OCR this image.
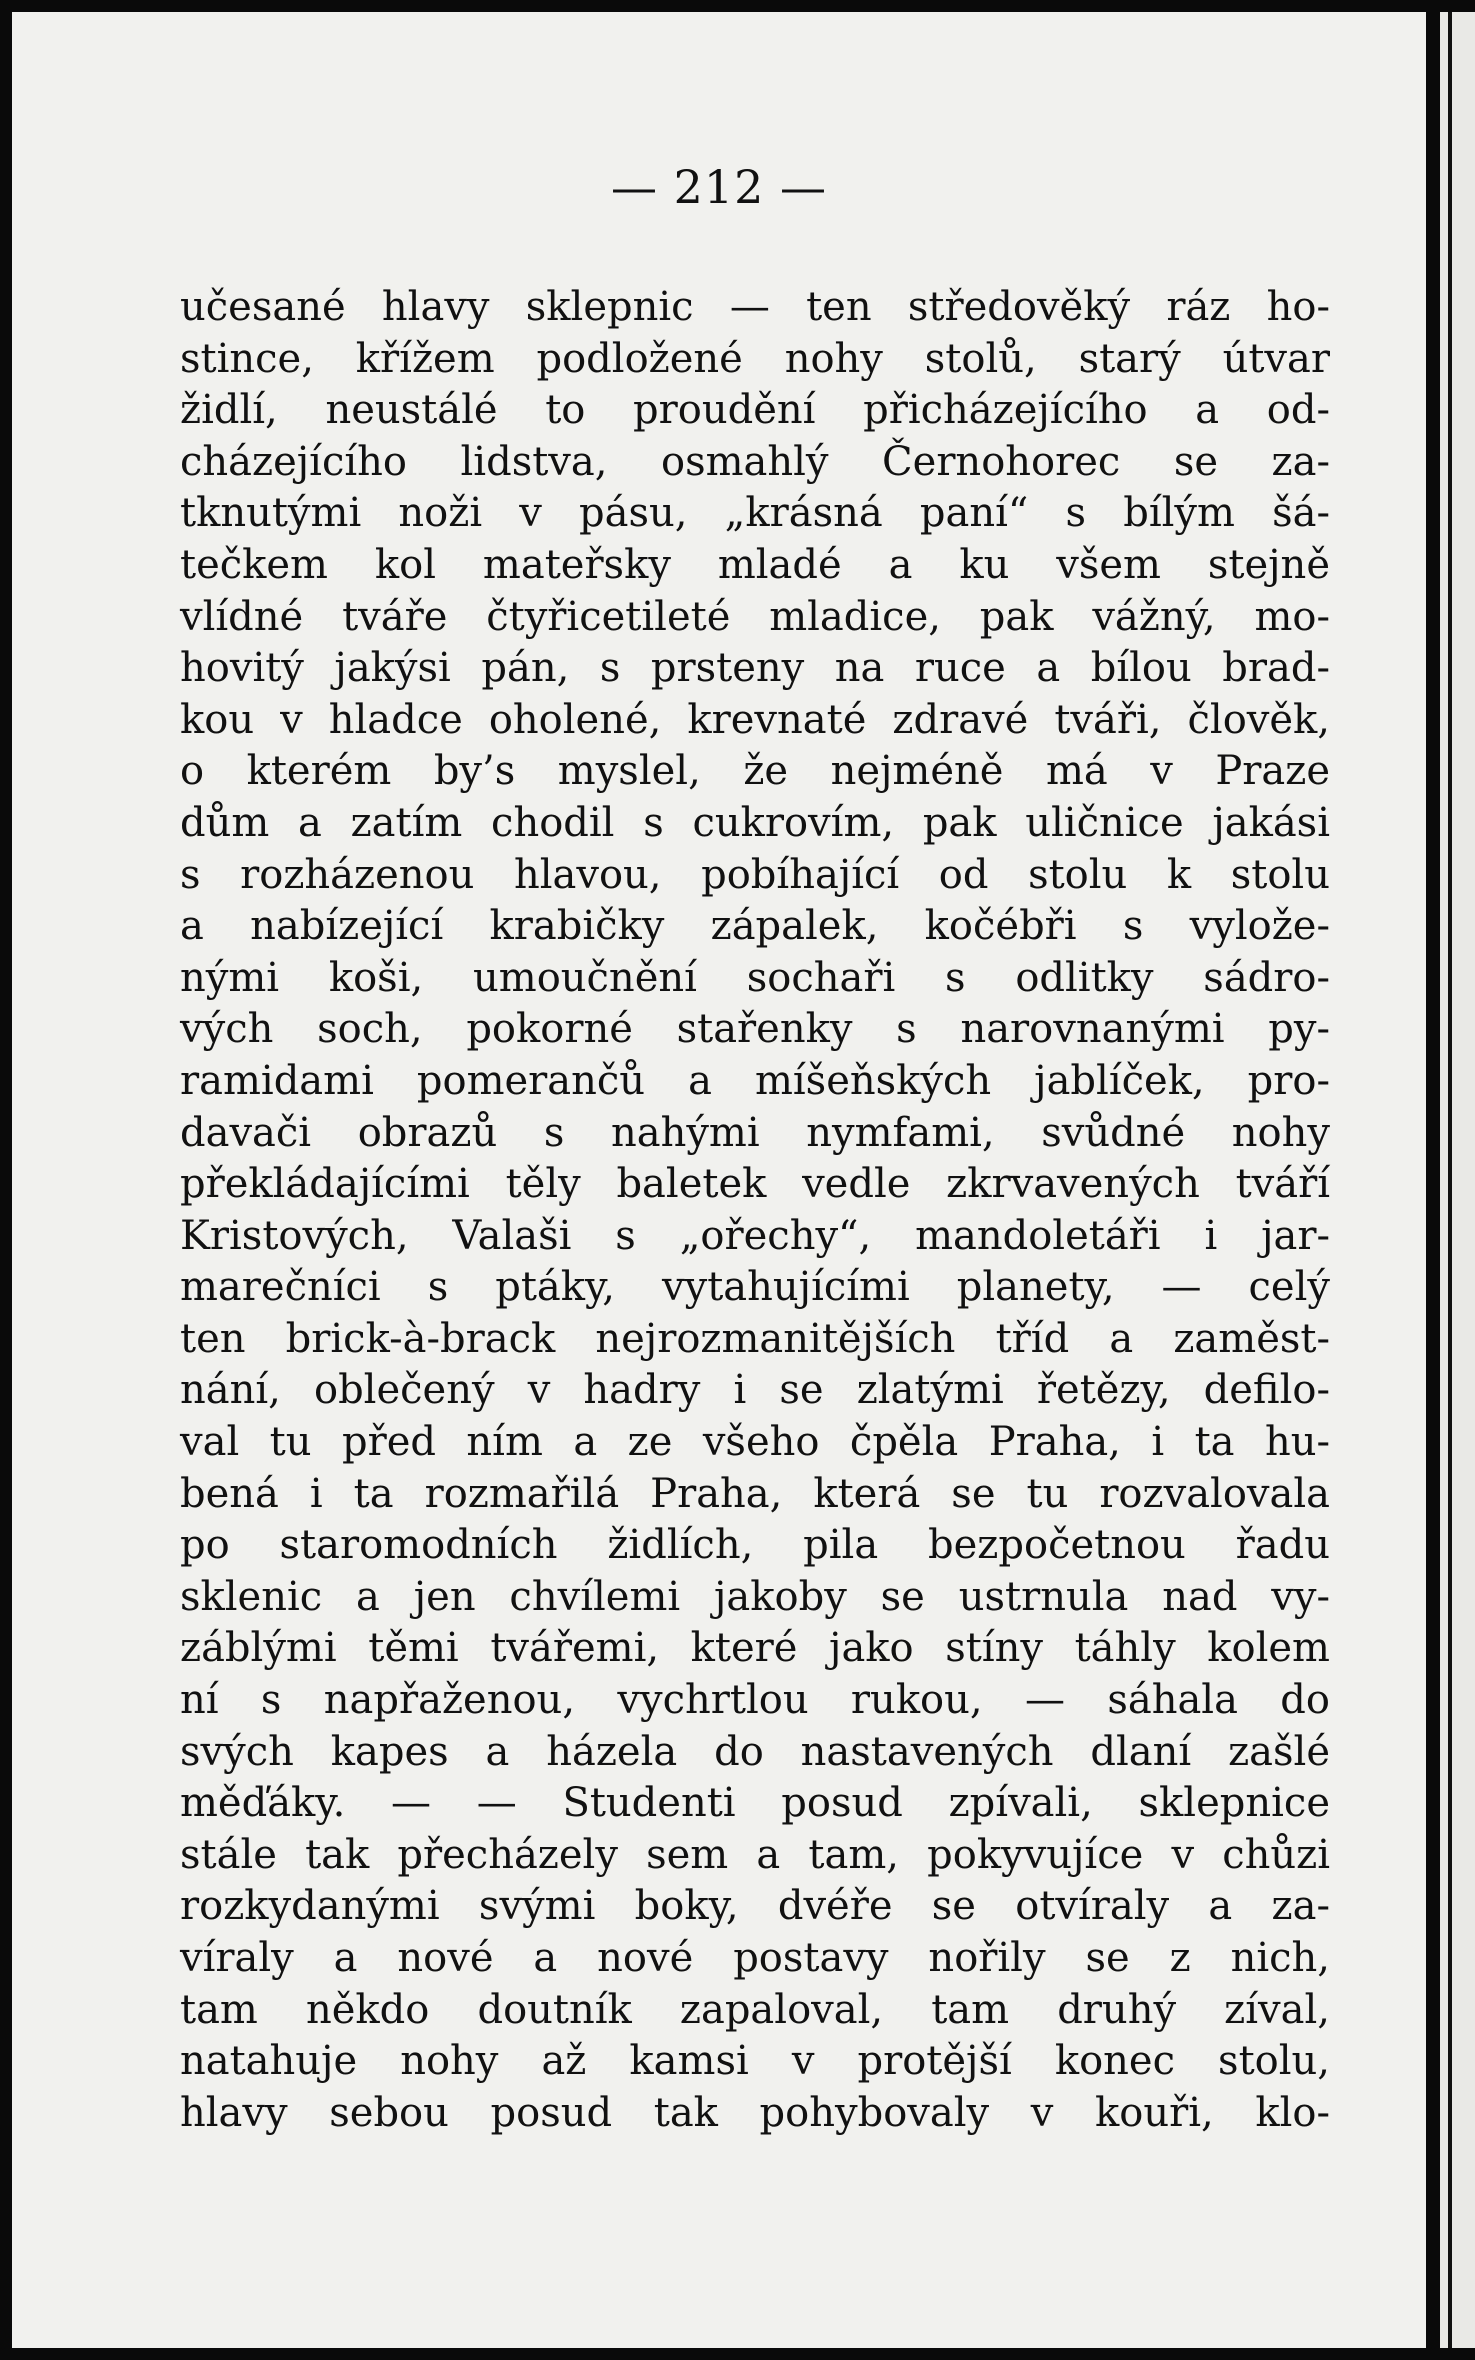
— 212 —
učesané hlavy sklepnic — ten středověký ráz ho-
stince, křížem podložené nohy stolů, starý útvar
židlí, neustálé to proudění přicházejícího a od-
cházejícího lidstva, osmahlý Černohorec se za-
tknutými noži v pásu, „krásná paní“ s bílým šá-
tečkem kol mateřsky mladé a ku všem stejně
vlídné tváře čtyřicetileté mladice, pak vážný, mo-
hovitý jakýsi pán, s prsteny na ruce a bílou brad-
kou v hladce oholené, krevnaté zdravé tváři, člověk,
o kterém by’s myslel, že nejméně má v Praze
dům a zatím chodil s cukrovím, pak uličnice jakási
s rozházenou hlavou, pobíhající od stolu k stolu
a nabízející krabičky zápalek, kočébři s vylože-
nými koši, umoučnění sochaři s odlitky sádro-
vých soch, pokorné stařenky s narovnanými py-
ramidami pomerančů a míšeňských jablíček, pro-
davači obrazů s nahými nymfami, svůdné nohy
překládajícími těly baletek vedle zkrvavených tváří
Kristových, Valaši s „ořechy“, mandoletáři i jar-
marečníci s ptáky, vytahujícími planety, — celý
ten brick-à-brack nejrozmanitějších tříd a zaměst-
nání, oblečený v hadry i se zlatými řetězy, defilo-
val tu před ním a ze všeho čpěla Praha, i ta hu-
bená i ta rozmařilá Praha, která se tu rozvalovala
po staromodních židlích, pila bezpočetnou řadu
sklenic a jen chvílemi jakoby se ustrnula nad vy-
záblými těmi tvářemi, které jako stíny táhly kolem
ní s napřaženou, vychrtlou rukou, — sáhala do
svých kapes a házela do nastavených dlaní zašlé
měďáky. — — Studenti posud zpívali, sklepnice
stále tak přecházely sem a tam, pokyvujíce v chůzi
rozkydanými svými boky, dvéře se otvíraly a za-
víraly a nové a nové postavy nořily se z nich,
tam někdo doutník zapaloval, tam druhý zíval,
natahuje nohy až kamsi v protější konec stolu,
hlavy sebou posud tak pohybovaly v kouři, klo-
